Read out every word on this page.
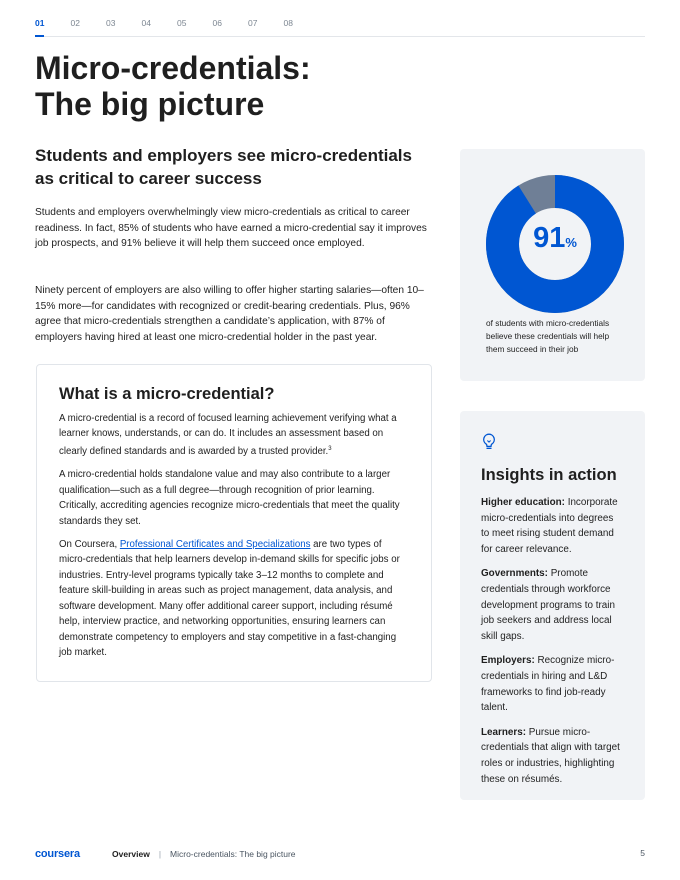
01	02	03	04	05	06	07	08
Micro-credentials:
The big picture
Students and employers see micro-credentials as critical to career success

Students and employers overwhelmingly view micro-credentials as critical to career readiness. In fact, 85% of students who have earned a micro-credential say it improves job prospects, and 91% believe it will help them succeed once employed.

Ninety percent of employers are also willing to offer higher starting salaries—often 10–15% more—for candidates with recognized or credit-bearing credentials. Plus, 96% agree that micro-credentials strengthen a candidate’s application, with 87% of employers having hired at least one micro-credential holder in the past year.

What is a micro-credential?

A micro-credential is a record of focused learning achievement verifying what a learner knows, understands, or can do. It includes an assessment based on clearly defined standards and is awarded by a trusted provider.$^3$

A micro-credential holds standalone value and may also contribute to a larger qualification—such as a full degree—through recognition of prior learning. Critically, accrediting agencies recognize micro-credentials that meet the quality standards they set.

On Coursera, Professional Certificates and Specializations are two types of micro-credentials that help learners develop in-demand skills for specific jobs or industries. Entry-level programs typically take 3–12 months to complete and feature skill-building in areas such as project management, data analysis, and software development. Many offer additional career support, including résumé help, interview practice, and networking opportunities, ensuring learners can demonstrate competency to employers and stay competitive in a fast-changing job market.

91%

of students with micro-credentials believe these credentials will help them succeed in their job

Insights in action

Higher education: Incorporate micro-credentials into degrees to meet rising student demand for career relevance.

Governments: Promote credentials through workforce development programs to train job seekers and address local skill gaps.

Employers: Recognize micro-credentials in hiring and L&D frameworks to find job-ready talent.

Learners: Pursue micro-credentials that align with target roles or industries, highlighting these on résumés.

coursera	Overview | Micro-credentials: The big picture	5
